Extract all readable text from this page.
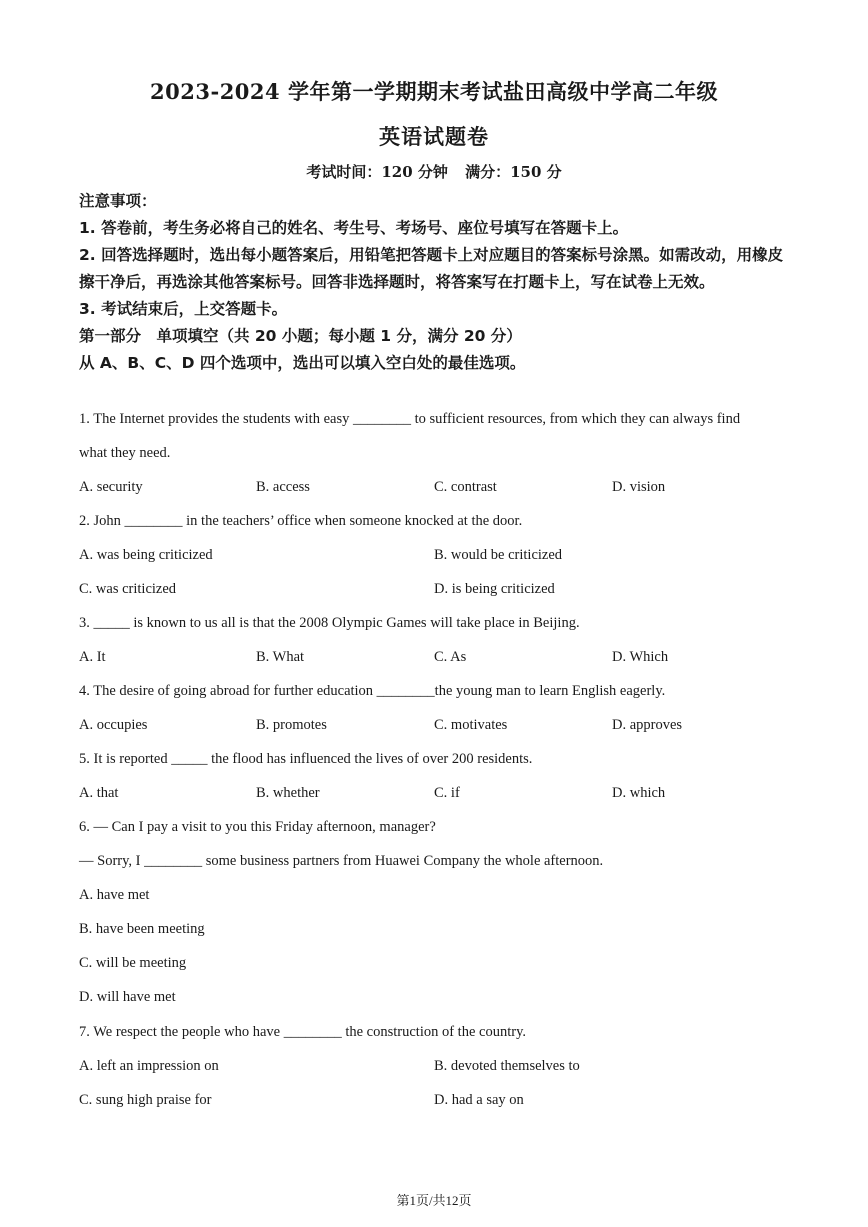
2023-2024 学年第一学期期末考试盐田高级中学高二年级
英语试题卷
考试时间：120 分钟 满分：150 分
注意事项：
1. 答卷前，考生务必将自己的姓名、考生号、考场号、座位号填写在答题卡上。
2. 回答选择题时，选出每小题答案后，用铅笔把答题卡上对应题目的答案标号涂黑。如需改动，用橡皮擦干净后，再选涂其他答案标号。回答非选择题时，将答案写在打题卡上，写在试卷上无效。
3. 考试结束后，上交答题卡。
第一部分　单项填空（共 20 小题；每小题 1 分，满分 20 分）
从 A、B、C、D 四个选项中，选出可以填入空白处的最佳选项。
1. The Internet provides the students with easy ________ to sufficient resources, from which they can always find
what they need.
A. security	B. access	C. contrast	D. vision
2. John ________ in the teachers’ office when someone knocked at the door.
A. was being criticized	B. would be criticized
C. was criticized	D. is being criticized
3. _____ is known to us all is that the 2008 Olympic Games will take place in Beijing.
A. It	B. What	C. As	D. Which
4. The desire of going abroad for further education ________the young man to learn English eagerly.
A. occupies	B. promotes	C. motivates	D. approves
5. It is reported _____ the flood has influenced the lives of over 200 residents.
A. that	B. whether	C. if	D. which
6. — Can I pay a visit to you this Friday afternoon, manager?
— Sorry, I ________ some business partners from Huawei Company the whole afternoon.
A. have met
B. have been meeting
C. will be meeting
D. will have met
7. We respect the people who have ________ the construction of the country.
A. left an impression on	B. devoted themselves to
C. sung high praise for	D. had a say on
第1页/共12页
